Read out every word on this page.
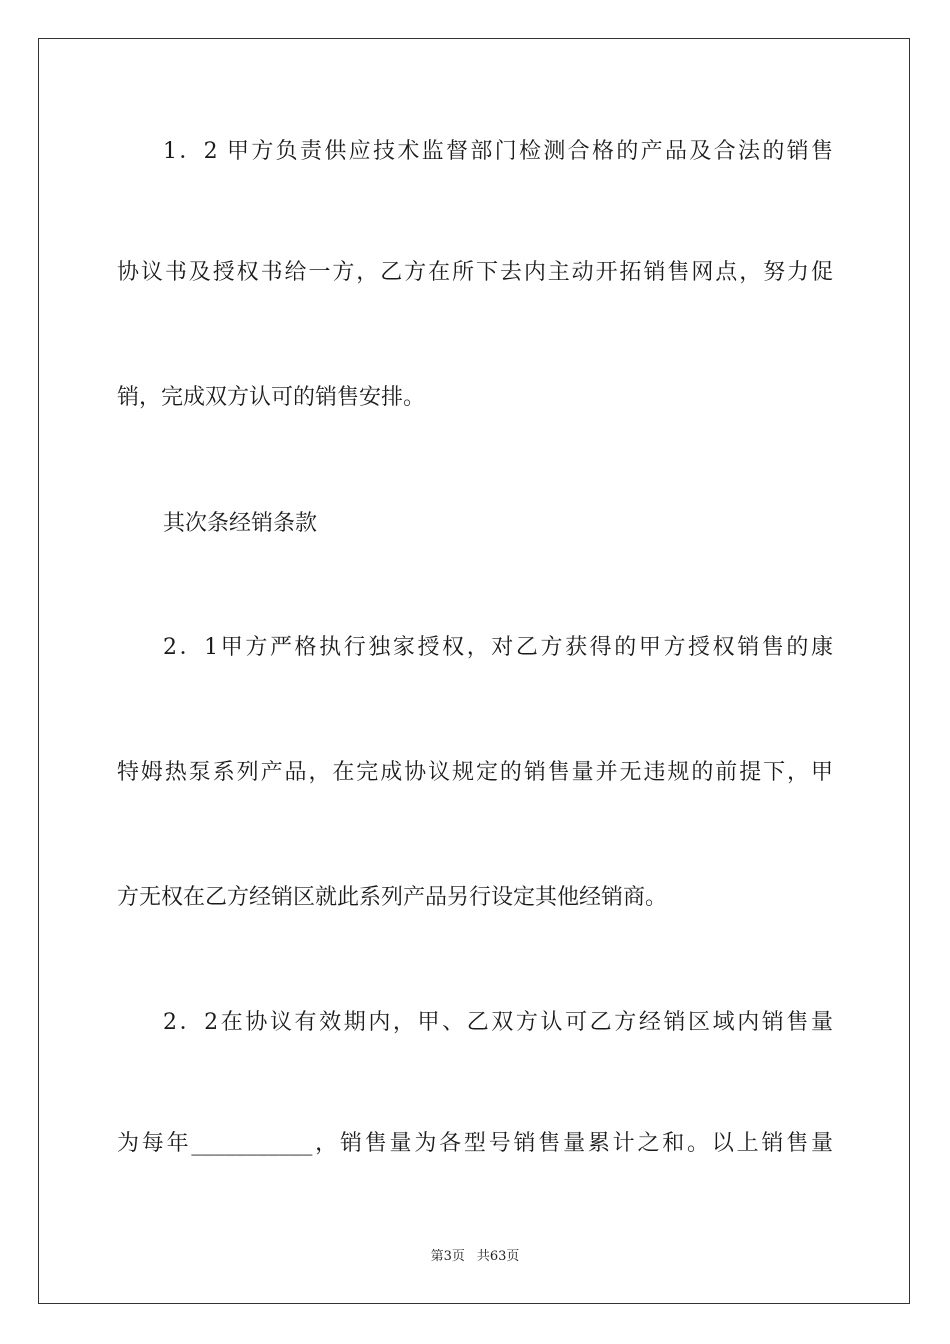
1．2 甲方负责供应技术监督部门检测合格的产品及合法的销售
协议书及授权书给一方，乙方在所下去内主动开拓销售网点，努力促
销，完成双方认可的销售安排。
其次条经销条款
2．1甲方严格执行独家授权，对乙方获得的甲方授权销售的康
特姆热泵系列产品，在完成协议规定的销售量并无违规的前提下，甲
方无权在乙方经销区就此系列产品另行设定其他经销商。
2．2在协议有效期内，甲、乙双方认可乙方经销区域内销售量
为每年___________，销售量为各型号销售量累计之和。以上销售量
第3页 共63页
